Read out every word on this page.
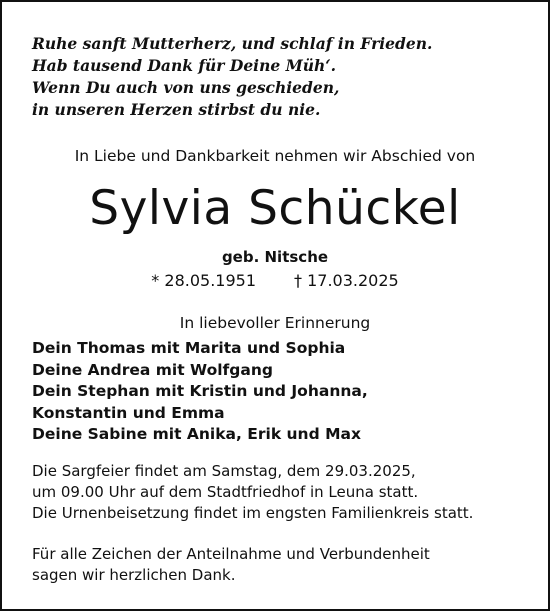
Ruhe sanft Mutterherz, und schlaf in Frieden.
Hab tausend Dank für Deine Müh‘.
Wenn Du auch von uns geschieden,
in unseren Herzen stirbst du nie.
In Liebe und Dankbarkeit nehmen wir Abschied von
Sylvia Schückel
geb. Nitsche
* 28.05.1951 † 17.03.2025
In liebevoller Erinnerung
Dein Thomas mit Marita und Sophia
Deine Andrea mit Wolfgang
Dein Stephan mit Kristin und Johanna,
Konstantin und Emma
Deine Sabine mit Anika, Erik und Max
Die Sargfeier findet am Samstag, dem 29.03.2025,
um 09.00 Uhr auf dem Stadtfriedhof in Leuna statt.
Die Urnenbeisetzung findet im engsten Familienkreis statt.
Für alle Zeichen der Anteilnahme und Verbundenheit
sagen wir herzlichen Dank.
